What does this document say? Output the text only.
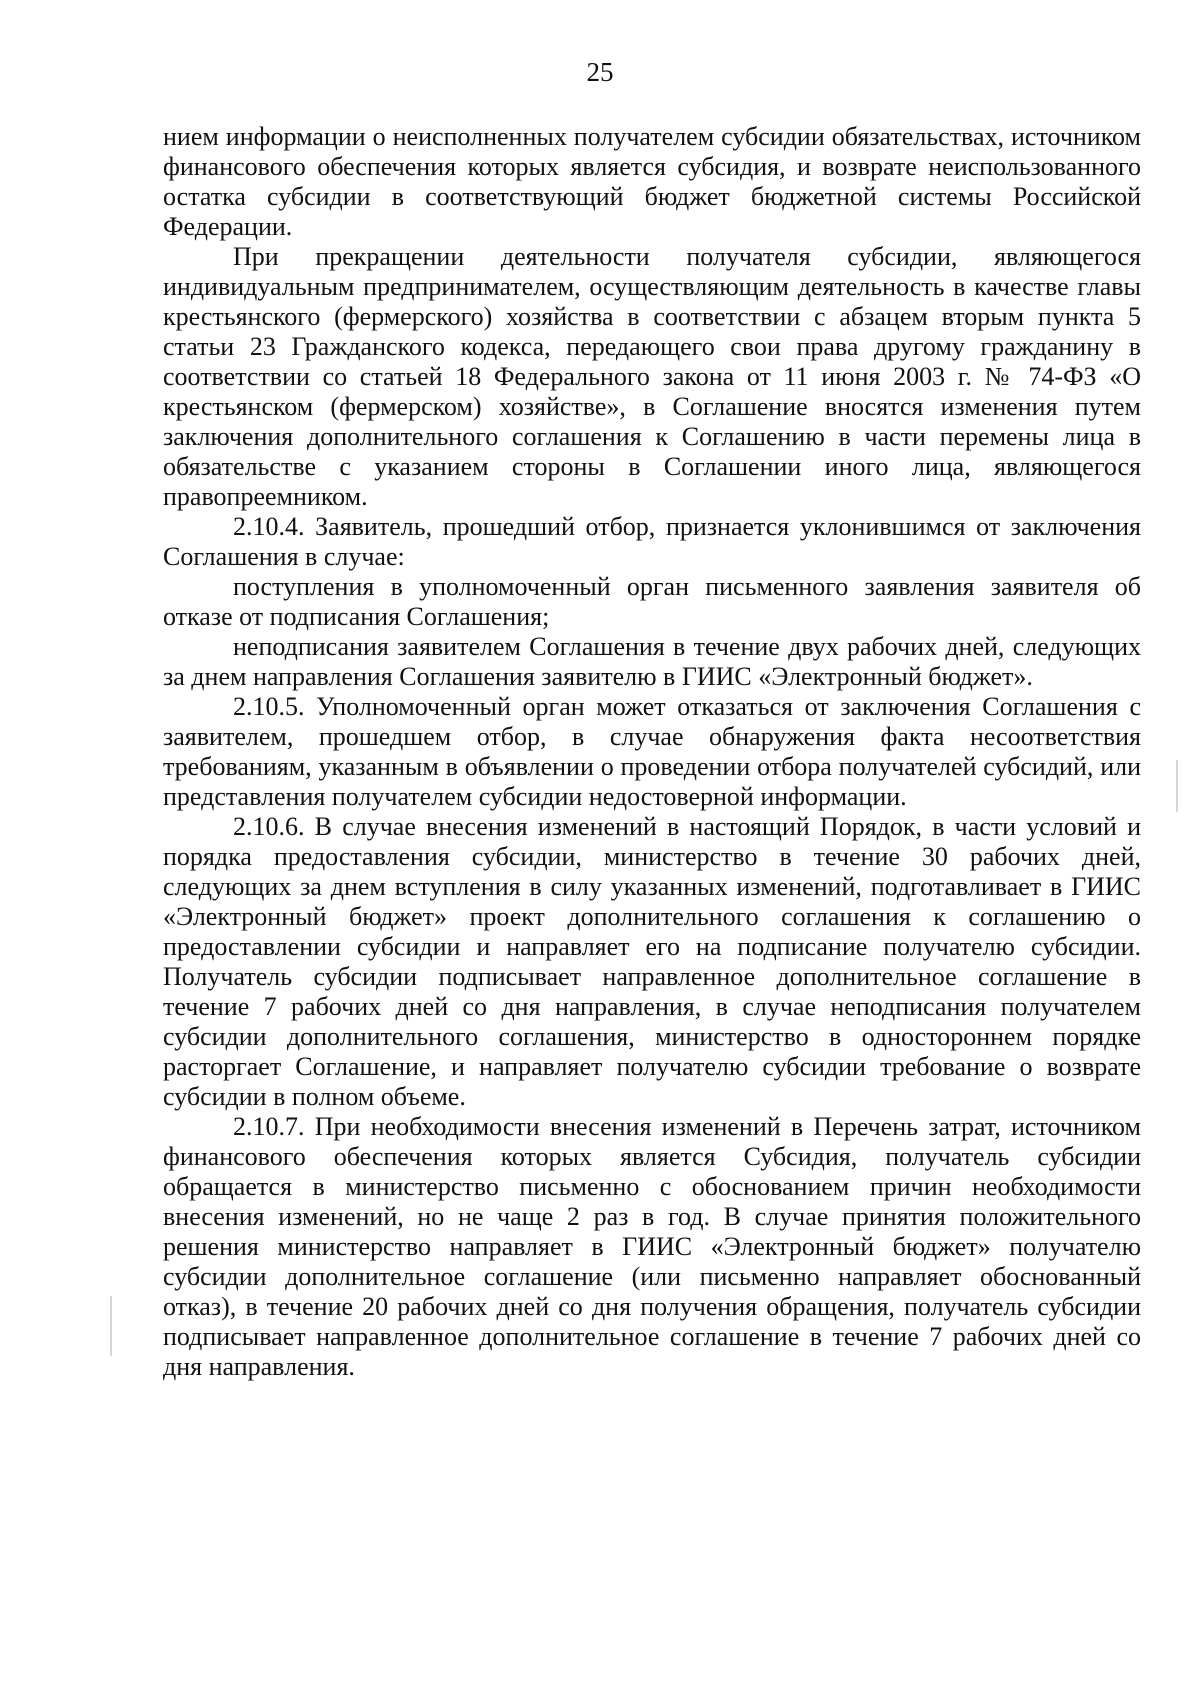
25

нием информации о неисполненных получателем субсидии обязательствах, источником финансового обеспечения которых является субсидия, и возврате неиспользованного остатка субсидии в соответствующий бюджет бюджетной системы Российской Федерации.

При прекращении деятельности получателя субсидии, являющегося индивидуальным предпринимателем, осуществляющим деятельность в качестве главы крестьянского (фермерского) хозяйства в соответствии с абзацем вторым пункта 5 статьи 23 Гражданского кодекса, передающего свои права другому гражданину в соответствии со статьей 18 Федерального закона от 11 июня 2003 г. № 74-ФЗ «О крестьянском (фермерском) хозяйстве», в Соглашение вносятся изменения путем заключения дополнительного соглашения к Соглашению в части перемены лица в обязательстве с указанием стороны в Соглашении иного лица, являющегося правопреемником.

2.10.4. Заявитель, прошедший отбор, признается уклонившимся от заключения Соглашения в случае:

поступления в уполномоченный орган письменного заявления заявителя об отказе от подписания Соглашения;

неподписания заявителем Соглашения в течение двух рабочих дней, следующих за днем направления Соглашения заявителю в ГИИС «Электронный бюджет».

2.10.5. Уполномоченный орган может отказаться от заключения Соглашения с заявителем, прошедшем отбор, в случае обнаружения факта несоответствия требованиям, указанным в объявлении о проведении отбора получателей субсидий, или представления получателем субсидии недостоверной информации.

2.10.6. В случае внесения изменений в настоящий Порядок, в части условий и порядка предоставления субсидии, министерство в течение 30 рабочих дней, следующих за днем вступления в силу указанных изменений, подготавливает в ГИИС «Электронный бюджет» проект дополнительного соглашения к соглашению о предоставлении субсидии и направляет его на подписание получателю субсидии. Получатель субсидии подписывает направленное дополнительное соглашение в течение 7 рабочих дней со дня направления, в случае неподписания получателем субсидии дополнительного соглашения, министерство в одностороннем порядке расторгает Соглашение, и направляет получателю субсидии требование о возврате субсидии в полном объеме.

2.10.7. При необходимости внесения изменений в Перечень затрат, источником финансового обеспечения которых является Субсидия, получатель субсидии обращается в министерство письменно с обоснованием причин необходимости внесения изменений, но не чаще 2 раз в год. В случае принятия положительного решения министерство направляет в ГИИС «Электронный бюджет» получателю субсидии дополнительное соглашение (или письменно направляет обоснованный отказ), в течение 20 рабочих дней со дня получения обращения, получатель субсидии подписывает направленное дополнительное соглашение в течение 7 рабочих дней со дня направления.
